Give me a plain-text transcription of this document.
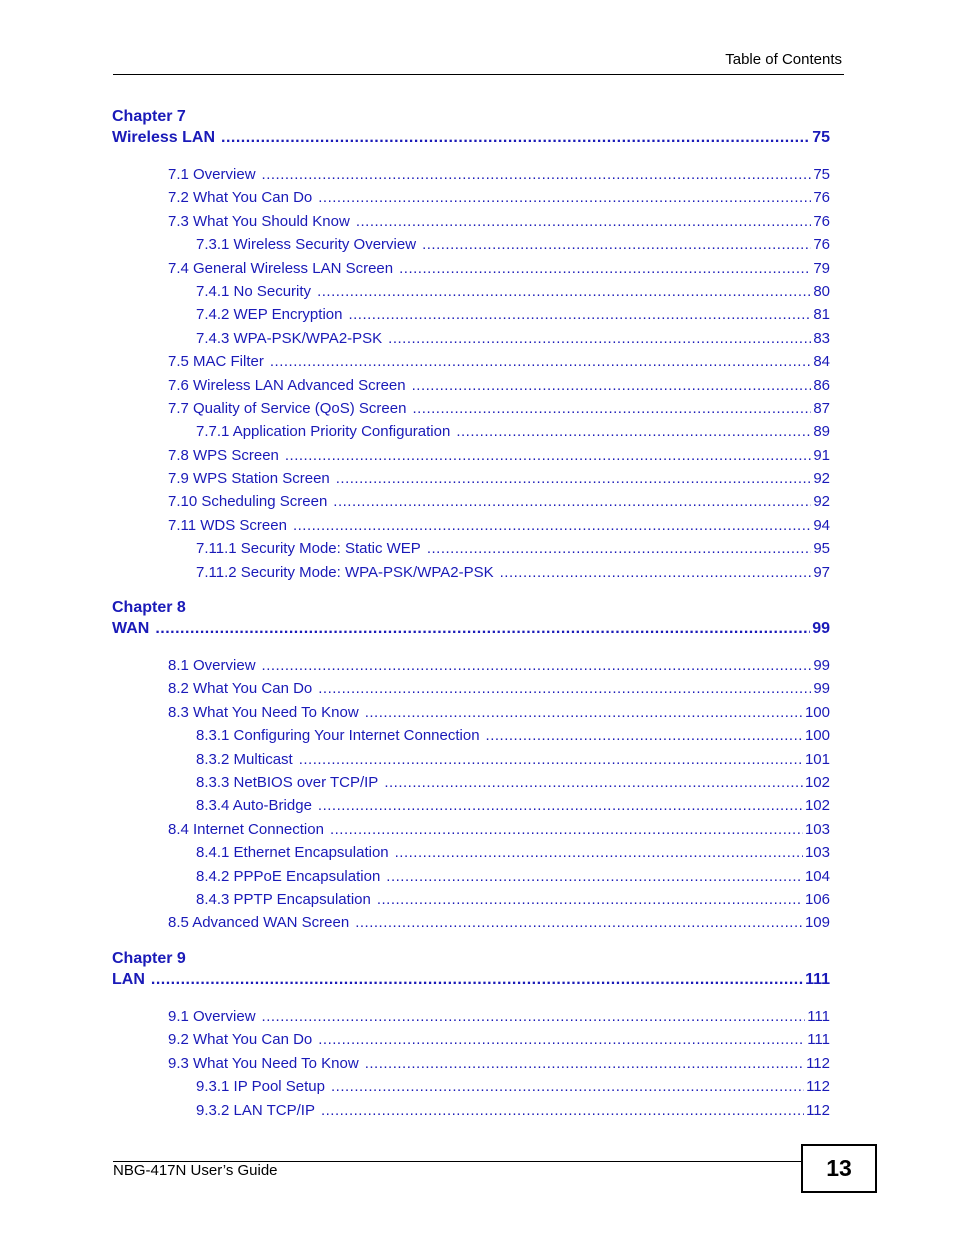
Table of Contents
Chapter 7
Wireless LAN .....	75
7.1 Overview .....	75
7.2 What You Can Do .....	76
7.3 What You Should Know .....	76
7.3.1 Wireless Security Overview .....	76
7.4 General Wireless LAN Screen .....	79
7.4.1 No Security .....	80
7.4.2 WEP Encryption .....	81
7.4.3 WPA-PSK/WPA2-PSK .....	83
7.5 MAC Filter .....	84
7.6 Wireless LAN Advanced Screen .....	86
7.7 Quality of Service (QoS) Screen .....	87
7.7.1 Application Priority Configuration .....	89
7.8 WPS Screen .....	91
7.9 WPS Station Screen .....	92
7.10 Scheduling Screen .....	92
7.11 WDS Screen .....	94
7.11.1 Security Mode: Static WEP .....	95
7.11.2 Security Mode: WPA-PSK/WPA2-PSK .....	97
Chapter 8
WAN .....	99
8.1 Overview .....	99
8.2 What You Can Do .....	99
8.3 What You Need To Know .....	100
8.3.1 Configuring Your Internet Connection .....	100
8.3.2 Multicast .....	101
8.3.3 NetBIOS over TCP/IP .....	102
8.3.4 Auto-Bridge .....	102
8.4 Internet Connection .....	103
8.4.1 Ethernet Encapsulation .....	103
8.4.2 PPPoE Encapsulation .....	104
8.4.3 PPTP Encapsulation .....	106
8.5 Advanced WAN Screen .....	109
Chapter 9
LAN .....	111
9.1 Overview .....	111
9.2 What You Can Do .....	111
9.3 What You Need To Know .....	112
9.3.1 IP Pool Setup .....	112
9.3.2 LAN TCP/IP .....	112
NBG-417N User’s Guide	13
